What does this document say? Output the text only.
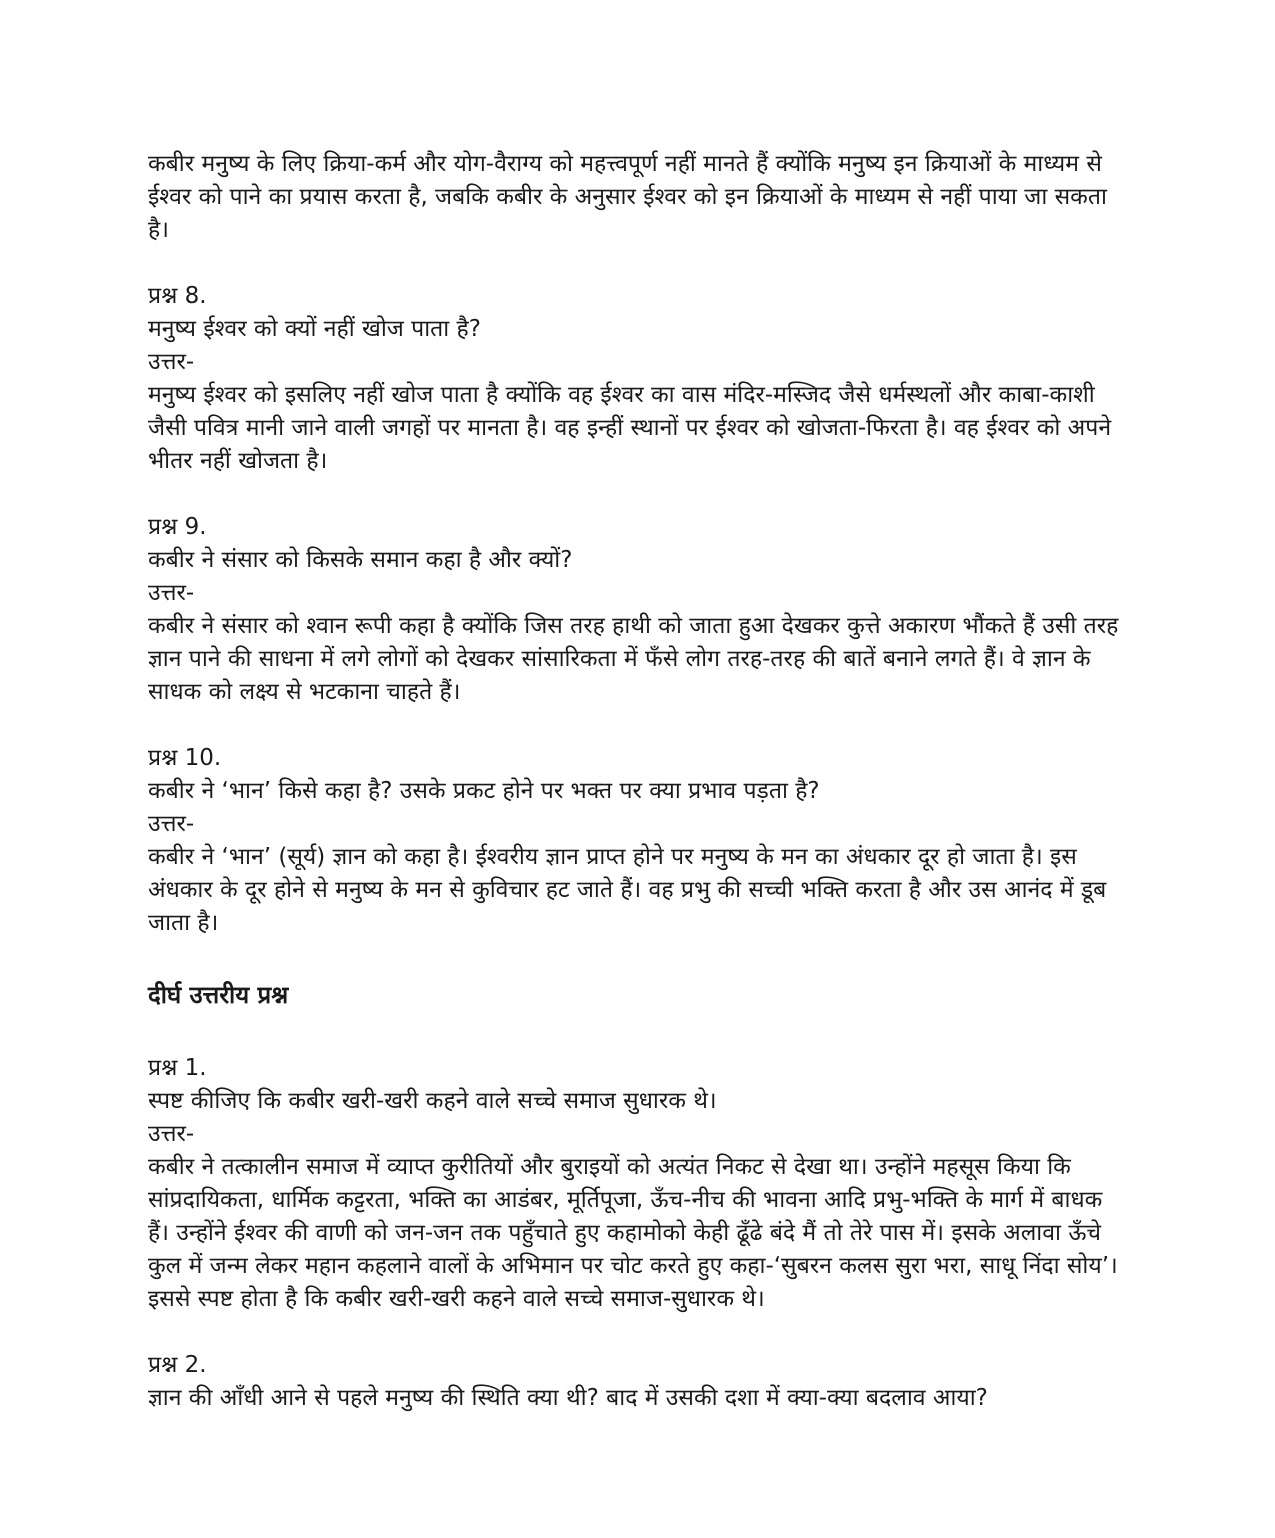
कबीर मनुष्य के लिए क्रिया-कर्म और योग-वैराग्य को महत्त्वपूर्ण नहीं मानते हैं क्योंकि मनुष्य इन क्रियाओं के माध्यम से ईश्वर को पाने का प्रयास करता है, जबकि कबीर के अनुसार ईश्वर को इन क्रियाओं के माध्यम से नहीं पाया जा सकता है।

प्रश्न 8.

मनुष्य ईश्वर को क्यों नहीं खोज पाता है?

उत्तर-

मनुष्य ईश्वर को इसलिए नहीं खोज पाता है क्योंकि वह ईश्वर का वास मंदिर-मस्जिद जैसे धर्मस्थलों और काबा-काशी जैसी पवित्र मानी जाने वाली जगहों पर मानता है। वह इन्हीं स्थानों पर ईश्वर को खोजता-फिरता है। वह ईश्वर को अपने भीतर नहीं खोजता है।

प्रश्न 9.

कबीर ने संसार को किसके समान कहा है और क्यों?

उत्तर-

कबीर ने संसार को श्वान रूपी कहा है क्योंकि जिस तरह हाथी को जाता हुआ देखकर कुत्ते अकारण भौंकते हैं उसी तरह ज्ञान पाने की साधना में लगे लोगों को देखकर सांसारिकता में फँसे लोग तरह-तरह की बातें बनाने लगते हैं। वे ज्ञान के साधक को लक्ष्य से भटकाना चाहते हैं।

प्रश्न 10.

कबीर ने ‘भान’ किसे कहा है? उसके प्रकट होने पर भक्त पर क्या प्रभाव पड़ता है?

उत्तर-

कबीर ने ‘भान’ (सूर्य) ज्ञान को कहा है। ईश्वरीय ज्ञान प्राप्त होने पर मनुष्य के मन का अंधकार दूर हो जाता है। इस अंधकार के दूर होने से मनुष्य के मन से कुविचार हट जाते हैं। वह प्रभु की सच्ची भक्ति करता है और उस आनंद में डूब जाता है।

दीर्घ उत्तरीय प्रश्न

प्रश्न 1.

स्पष्ट कीजिए कि कबीर खरी-खरी कहने वाले सच्चे समाज सुधारक थे।

उत्तर-

कबीर ने तत्कालीन समाज में व्याप्त कुरीतियों और बुराइयों को अत्यंत निकट से देखा था। उन्होंने महसूस किया कि सांप्रदायिकता, धार्मिक कट्टरता, भक्ति का आडंबर, मूर्तिपूजा, ऊँच-नीच की भावना आदि प्रभु-भक्ति के मार्ग में बाधक हैं। उन्होंने ईश्वर की वाणी को जन-जन तक पहुँचाते हुए कहामोको केही ढूँढे बंदे मैं तो तेरे पास में। इसके अलावा ऊँचे कुल में जन्म लेकर महान कहलाने वालों के अभिमान पर चोट करते हुए कहा-‘सुबरन कलस सुरा भरा, साधू निंदा सोय’। इससे स्पष्ट होता है कि कबीर खरी-खरी कहने वाले सच्चे समाज-सुधारक थे।

प्रश्न 2.

ज्ञान की आँधी आने से पहले मनुष्य की स्थिति क्या थी? बाद में उसकी दशा में क्या-क्या बदलाव आया?
